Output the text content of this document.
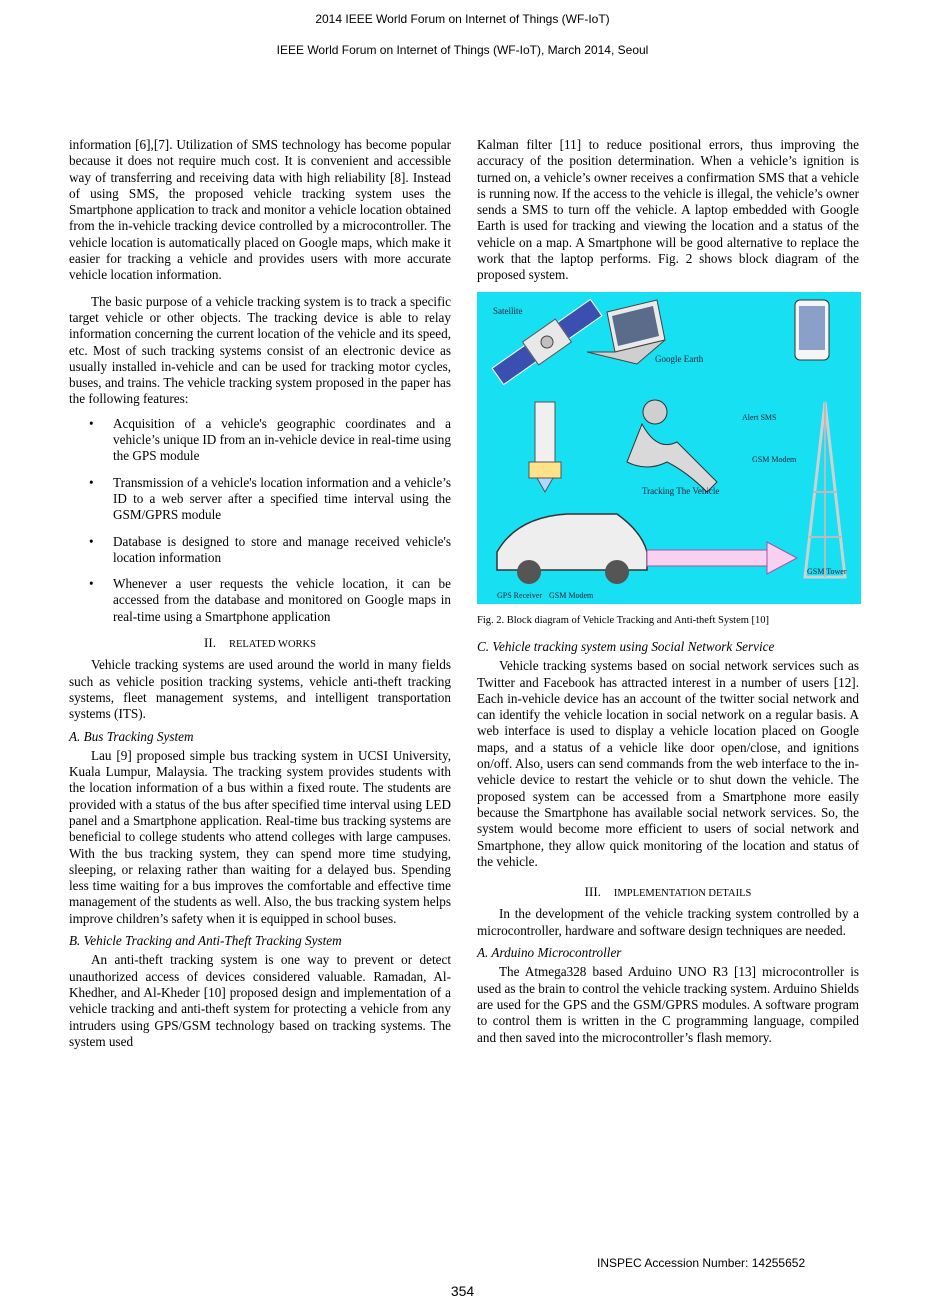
2014 IEEE World Forum on Internet of Things (WF-IoT)
IEEE World Forum on Internet of Things (WF-IoT), March 2014, Seoul

information [6],[7]. Utilization of SMS technology has become popular because it does not require much cost. It is convenient and accessible way of transferring and receiving data with high reliability [8]. Instead of using SMS, the proposed vehicle tracking system uses the Smartphone application to track and monitor a vehicle location obtained from the in-vehicle tracking device controlled by a microcontroller. The vehicle location is automatically placed on Google maps, which make it easier for tracking a vehicle and provides users with more accurate vehicle location information.

The basic purpose of a vehicle tracking system is to track a specific target vehicle or other objects. The tracking device is able to relay information concerning the current location of the vehicle and its speed, etc. Most of such tracking systems consist of an electronic device as usually installed in-vehicle and can be used for tracking motor cycles, buses, and trains. The vehicle tracking system proposed in the paper has the following features:

• Acquisition of a vehicle's geographic coordinates and a vehicle’s unique ID from an in-vehicle device in real-time using the GPS module
• Transmission of a vehicle's location information and a vehicle’s ID to a web server after a specified time interval using the GSM/GPRS module
• Database is designed to store and manage received vehicle's location information
• Whenever a user requests the vehicle location, it can be accessed from the database and monitored on Google maps in real-time using a Smartphone application
II. RELATED WORKS

Vehicle tracking systems are used around the world in many fields such as vehicle position tracking systems, vehicle anti-theft tracking systems, fleet management systems, and intelligent transportation systems (ITS).

A. Bus Tracking System

Lau [9] proposed simple bus tracking system in UCSI University, Kuala Lumpur, Malaysia. The tracking system provides students with the location information of a bus within a fixed route. The students are provided with a status of the bus after specified time interval using LED panel and a Smartphone application. Real-time bus tracking systems are beneficial to college students who attend colleges with large campuses. With the bus tracking system, they can spend more time studying, sleeping, or relaxing rather than waiting for a delayed bus. Spending less time waiting for a bus improves the comfortable and effective time management of the students as well. Also, the bus tracking system helps improve children’s safety when it is equipped in school buses.

B. Vehicle Tracking and Anti-Theft Tracking System

An anti-theft tracking system is one way to prevent or detect unauthorized access of devices considered valuable. Ramadan, Al-Khedher, and Al-Kheder [10] proposed design and implementation of a vehicle tracking and anti-theft system for protecting a vehicle from any intruders using GPS/GSM technology based on tracking systems. The system used

Kalman filter [11] to reduce positional errors, thus improving the accuracy of the position determination. When a vehicle’s ignition is turned on, a vehicle’s owner receives a confirmation SMS that a vehicle is running now. If the access to the vehicle is illegal, the vehicle’s owner sends a SMS to turn off the vehicle. A laptop embedded with Google Earth is used for tracking and viewing the location and a status of the vehicle on a map. A Smartphone will be good alternative to replace the work that the laptop performs. Fig. 2 shows block diagram of the proposed system.

Satellite
Google Earth
Alert SMS
GSM Modem
Tracking The Vehicle
GSM Tower
GPS Receiver GSM Modem
Fig. 2. Block diagram of Vehicle Tracking and Anti-theft System [10]
C. Vehicle tracking system using Social Network Service

Vehicle tracking systems based on social network services such as Twitter and Facebook has attracted interest in a number of users [12]. Each in-vehicle device has an account of the twitter social network and can identify the vehicle location in social network on a regular basis. A web interface is used to display a vehicle location placed on Google maps, and a status of a vehicle like door open/close, and ignitions on/off. Also, users can send commands from the web interface to the in-vehicle device to restart the vehicle or to shut down the vehicle. The proposed system can be accessed from a Smartphone more easily because the Smartphone has available social network services. So, the system would become more efficient to users of social network and Smartphone, they allow quick monitoring of the location and status of the vehicle.

III. IMPLEMENTATION DETAILS

In the development of the vehicle tracking system controlled by a microcontroller, hardware and software design techniques are needed.

A. Arduino Microcontroller

The Atmega328 based Arduino UNO R3 [13] microcontroller is used as the brain to control the vehicle tracking system. Arduino Shields are used for the GPS and the GSM/GPRS modules. A software program to control them is written in the C programming language, compiled and then saved into the microcontroller’s flash memory.

INSPEC Accession Number: 14255652
354
